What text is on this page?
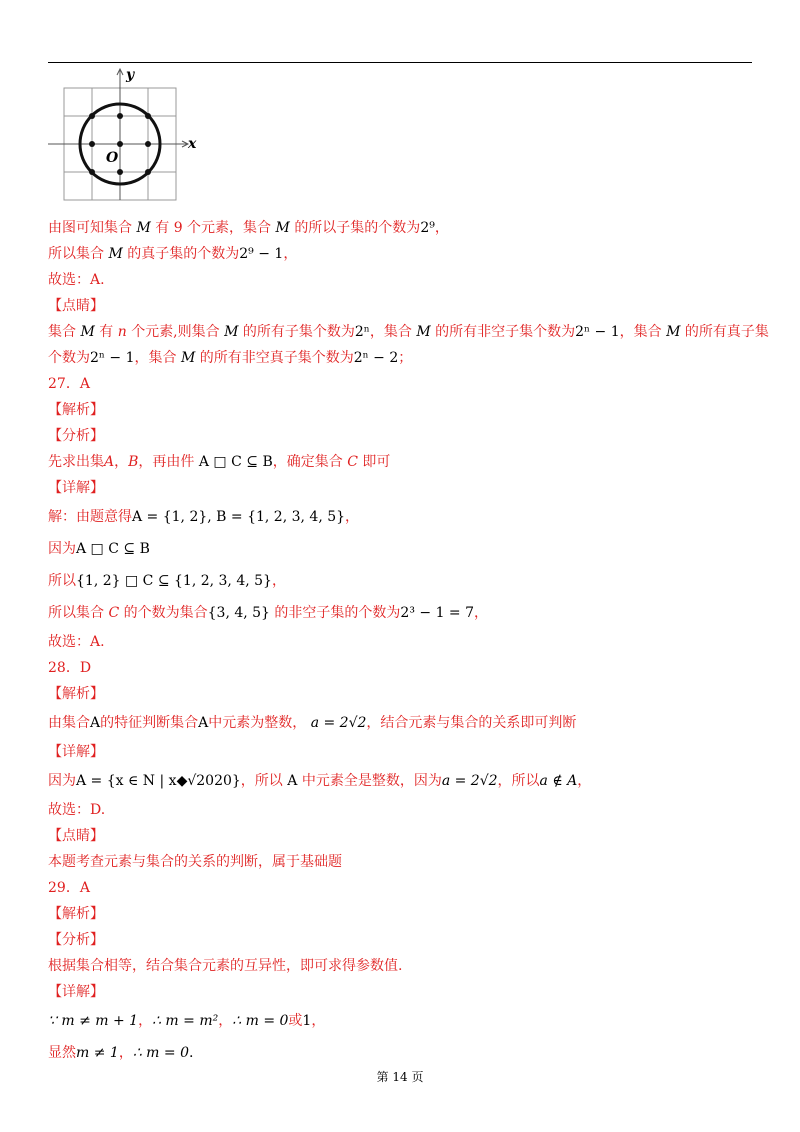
y
x
O
由图可知集合 M 有 9 个元素，集合 M 的所以子集的个数为2⁹，
所以集合 M 的真子集的个数为2⁹ − 1，
故选：A.
【点睛】
集合 M 有 n 个元素,则集合 M 的所有子集个数为2ⁿ，集合 M 的所有非空子集个数为2ⁿ − 1，集合 M 的所有真子集
个数为2ⁿ − 1，集合 M 的所有非空真子集个数为2ⁿ − 2；
27．A
【解析】
【分析】
先求出集A，B，再由件 A □ C ⊆ B，确定集合 C 即可
【详解】
解：由题意得A = {1, 2}, B = {1, 2, 3, 4, 5}，
因为A □ C ⊆ B
所以{1, 2} □ C ⊆ {1, 2, 3, 4, 5}，
所以集合 C 的个数为集合{3, 4, 5} 的非空子集的个数为2³ − 1 = 7，
故选：A.
28．D
【解析】
由集合A的特征判断集合A中元素为整数， a = 2√2，结合元素与集合的关系即可判断
【详解】
因为A = {x ∈ N | x◆√2020}，所以 A 中元素全是整数，因为a = 2√2，所以a ∉ A，
故选：D.
【点睛】
本题考查元素与集合的关系的判断，属于基础题
29．A
【解析】
【分析】
根据集合相等，结合集合元素的互异性，即可求得参数值.
【详解】
∵ m ≠ m + 1，∴ m = m²，∴ m = 0或1，
显然m ≠ 1，∴ m = 0.
第 14 页
